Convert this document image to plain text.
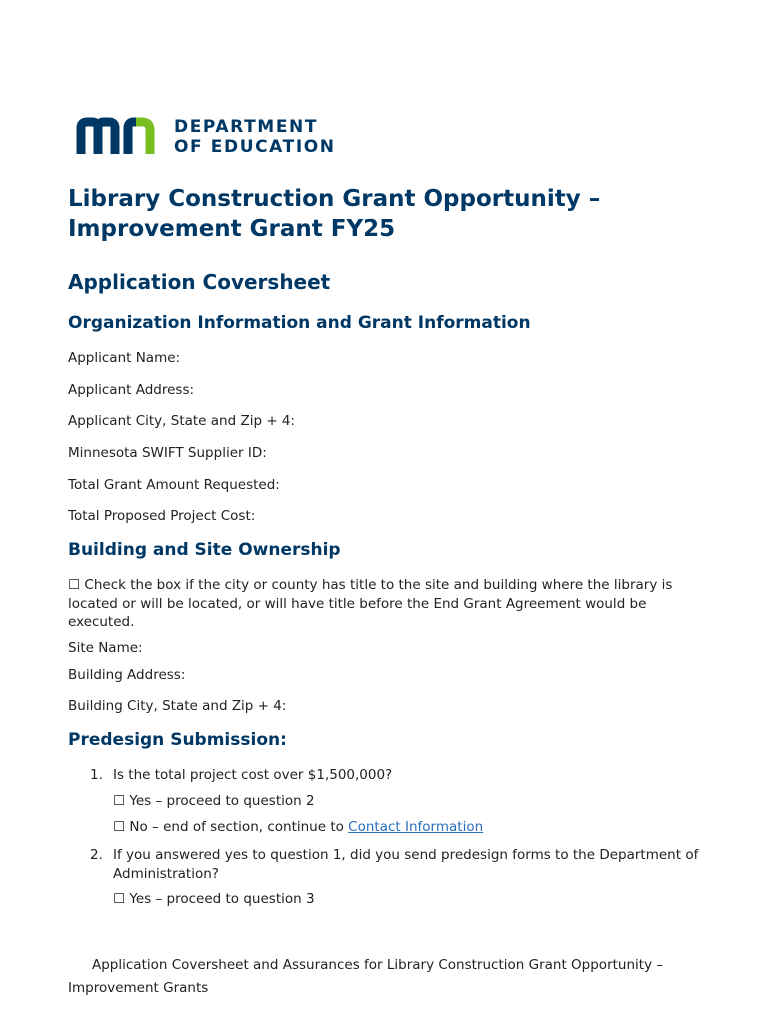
DEPARTMENT
OF EDUCATION
Library Construction Grant Opportunity – Improvement Grant FY25
Application Coversheet
Organization Information and Grant Information

Applicant Name:

Applicant Address:

Applicant City, State and Zip + 4:

Minnesota SWIFT Supplier ID:

Total Grant Amount Requested:

Total Proposed Project Cost:

Building and Site Ownership

☐ Check the box if the city or county has title to the site and building where the library is located or will be located, or will have title before the End Grant Agreement would be executed.

Site Name:

Building Address:

Building City, State and Zip + 4:

Predesign Submission:
1. Is the total project cost over $1,500,000?
☐ Yes – proceed to question 2
☐ No – end of section, continue to Contact Information
2. If you answered yes to question 1, did you send predesign forms to the Department of Administration?
☐ Yes – proceed to question 3
Application Coversheet and Assurances for Library Construction Grant Opportunity –
Improvement Grants
